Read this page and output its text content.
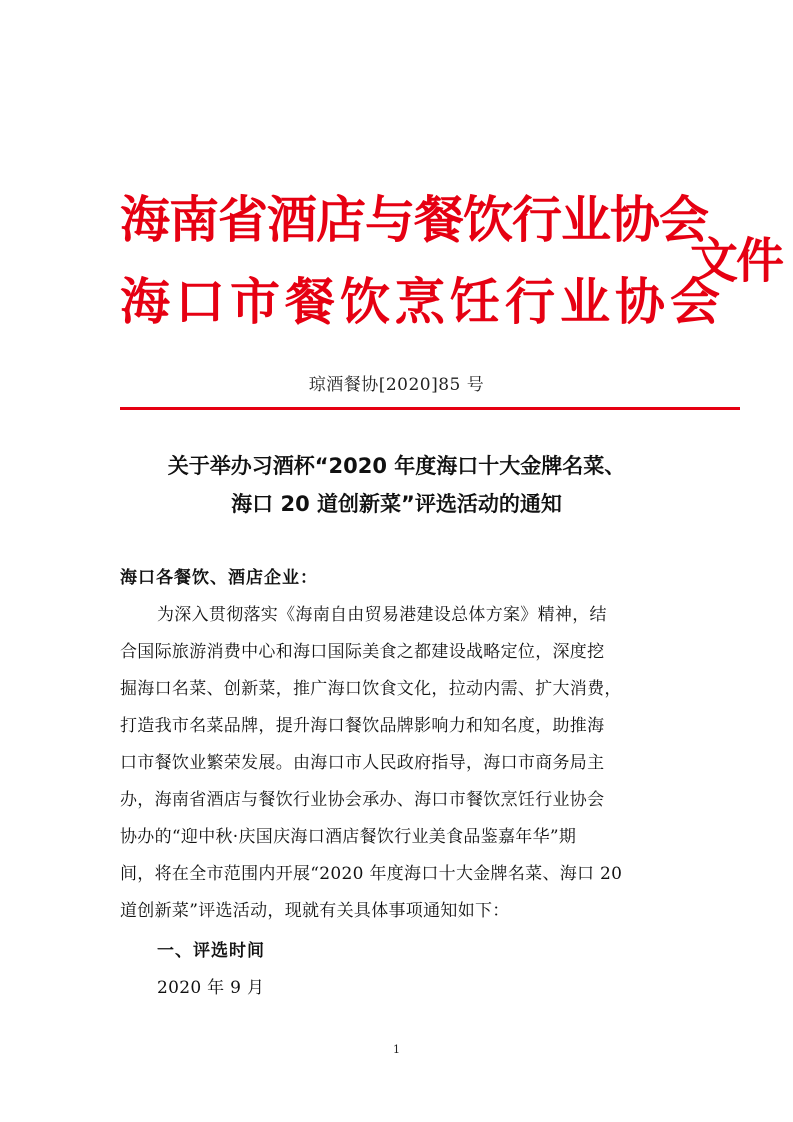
海南省酒店与餐饮行业协会
海口市餐饮烹饪行业协会
文件
琼酒餐协[2020]85 号
关于举办习酒杯“2020 年度海口十大金牌名菜、
海口 20 道创新菜”评选活动的通知
海口各餐饮、酒店企业：
为深入贯彻落实《海南自由贸易港建设总体方案》精神，结
合国际旅游消费中心和海口国际美食之都建设战略定位，深度挖
掘海口名菜、创新菜，推广海口饮食文化，拉动内需、扩大消费，
打造我市名菜品牌，提升海口餐饮品牌影响力和知名度，助推海
口市餐饮业繁荣发展。由海口市人民政府指导，海口市商务局主
办，海南省酒店与餐饮行业协会承办、海口市餐饮烹饪行业协会
协办的“迎中秋·庆国庆海口酒店餐饮行业美食品鉴嘉年华”期
间，将在全市范围内开展“2020 年度海口十大金牌名菜、海口 20
道创新菜”评选活动，现就有关具体事项通知如下：
一、评选时间
2020 年 9 月
1
